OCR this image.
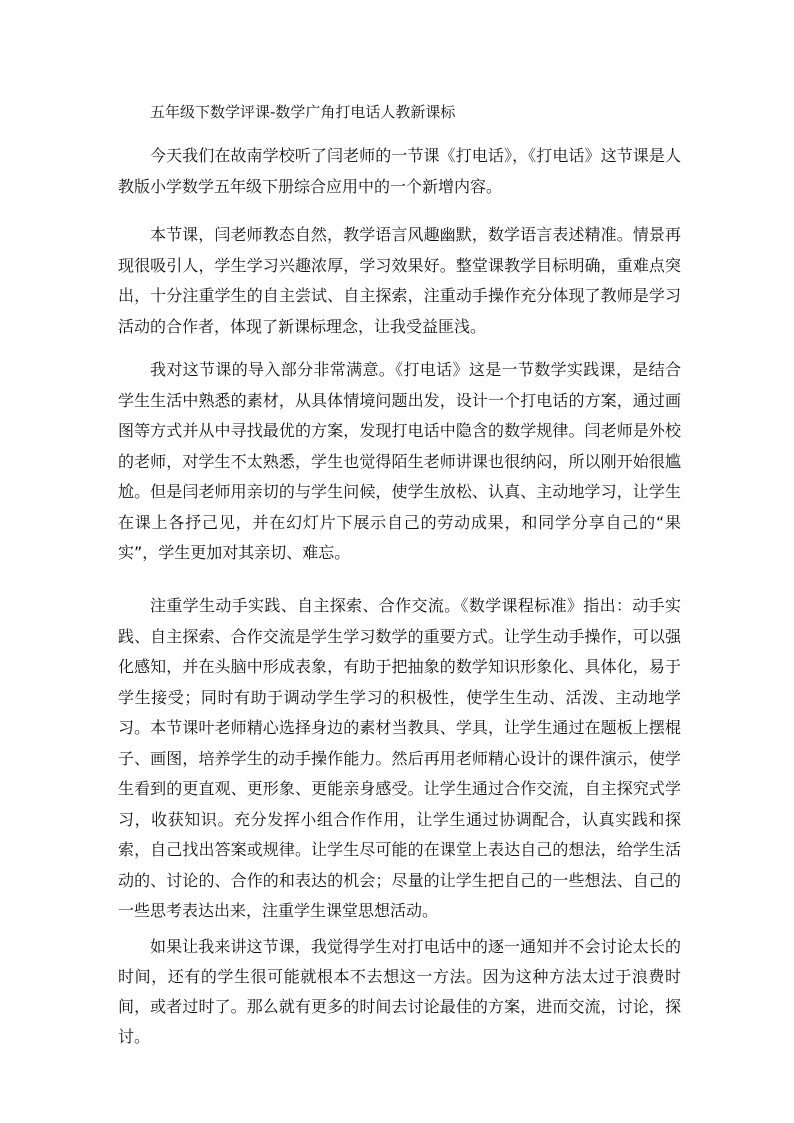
五年级下数学评课-数学广角打电话人教新课标

今天我们在故南学校听了闫老师的一节课《打电话》，《打电话》这节课是人教版小学数学五年级下册综合应用中的一个新增内容。

本节课，闫老师教态自然，教学语言风趣幽默，数学语言表述精准。情景再现很吸引人，学生学习兴趣浓厚，学习效果好。整堂课教学目标明确，重难点突出，十分注重学生的自主尝试、自主探索，注重动手操作充分体现了教师是学习活动的合作者，体现了新课标理念，让我受益匪浅。

我对这节课的导入部分非常满意。《打电话》这是一节数学实践课，是结合学生生活中熟悉的素材，从具体情境问题出发，设计一个打电话的方案，通过画图等方式并从中寻找最优的方案，发现打电话中隐含的数学规律。闫老师是外校的老师，对学生不太熟悉，学生也觉得陌生老师讲课也很纳闷，所以刚开始很尴尬。但是闫老师用亲切的与学生问候，使学生放松、认真、主动地学习，让学生在课上各抒己见，并在幻灯片下展示自己的劳动成果，和同学分享自己的“果实”，学生更加对其亲切、难忘。

注重学生动手实践、自主探索、合作交流。《数学课程标准》指出：动手实践、自主探索、合作交流是学生学习数学的重要方式。让学生动手操作，可以强化感知，并在头脑中形成表象，有助于把抽象的数学知识形象化、具体化，易于学生接受；同时有助于调动学生学习的积极性，使学生生动、活泼、主动地学习。本节课叶老师精心选择身边的素材当教具、学具，让学生通过在题板上摆棍子、画图，培养学生的动手操作能力。然后再用老师精心设计的课件演示，使学生看到的更直观、更形象、更能亲身感受。让学生通过合作交流，自主探究式学习，收获知识。充分发挥小组合作作用，让学生通过协调配合，认真实践和探索，自己找出答案或规律。让学生尽可能的在课堂上表达自己的想法，给学生活动的、讨论的、合作的和表达的机会；尽量的让学生把自己的一些想法、自己的一些思考表达出来，注重学生课堂思想活动。

如果让我来讲这节课，我觉得学生对打电话中的逐一通知并不会讨论太长的时间，还有的学生很可能就根本不去想这一方法。因为这种方法太过于浪费时间，或者过时了。那么就有更多的时间去讨论最佳的方案，进而交流，讨论，探讨。
